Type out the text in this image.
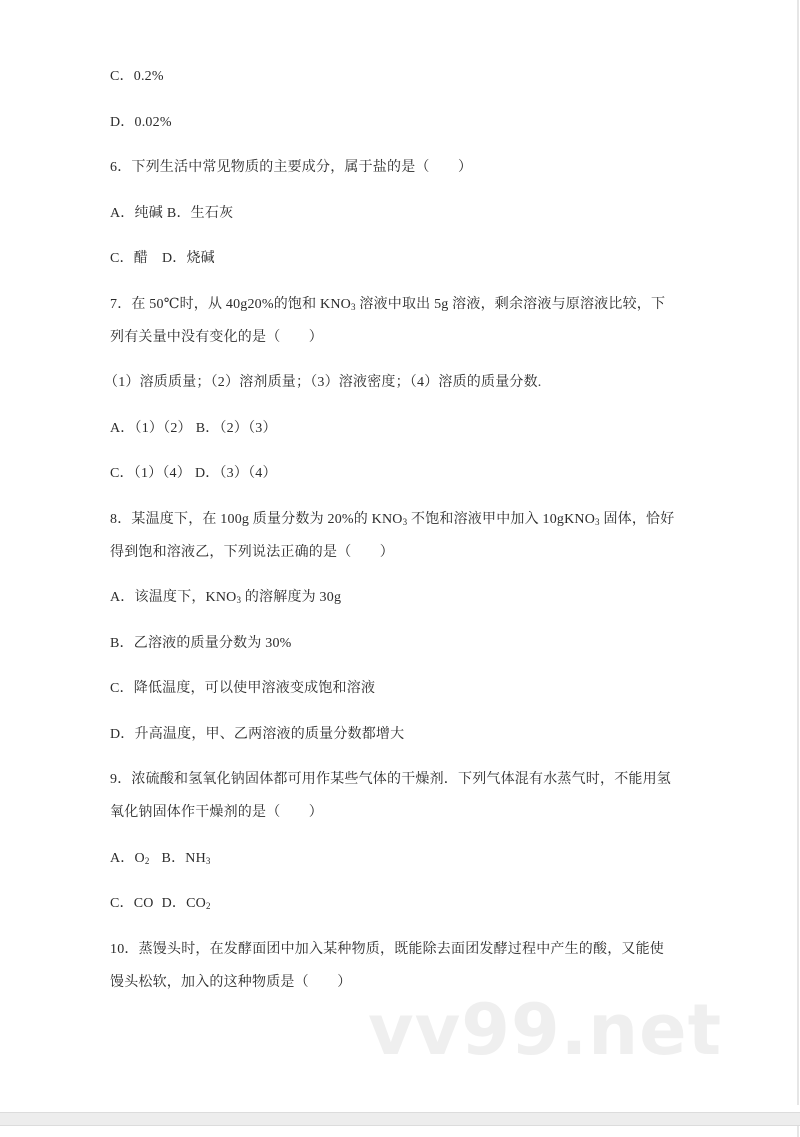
C．0.2%
D．0.02%
6．下列生活中常见物质的主要成分，属于盐的是（　　）
A．纯碱 B．生石灰
C．醋 D．烧碱
7．在 50℃时，从 40g20%的饱和 $KNO_3$ 溶液中取出 5g 溶液，剩余溶液与原溶液比较，下
列有关量中没有变化的是（　　）
（1）溶质质量；（2）溶剂质量；（3）溶液密度；（4）溶质的质量分数.
A．（1）（2） B．（2）（3）
C．（1）（4） D．（3）（4）
8．某温度下，在 100g 质量分数为 20%的 $KNO_3$ 不饱和溶液甲中加入 10gKNO$_3$ 固体，恰好
得到饱和溶液乙，下列说法正确的是（　　）
A．该温度下，$KNO_3$ 的溶解度为 30g
B．乙溶液的质量分数为 30%
C．降低温度，可以使甲溶液变成饱和溶液
D．升高温度，甲、乙两溶液的质量分数都增大
9．浓硫酸和氢氧化钠固体都可用作某些气体的干燥剂．下列气体混有水蒸气时，不能用氢
氧化钠固体作干燥剂的是（　　）
A．$O_2$ B．$NH_3$
C．CO D．$CO_2$
10．蒸馒头时，在发酵面团中加入某种物质，既能除去面团发酵过程中产生的酸，又能使
馒头松软，加入的这种物质是（　　）
vv99.net
